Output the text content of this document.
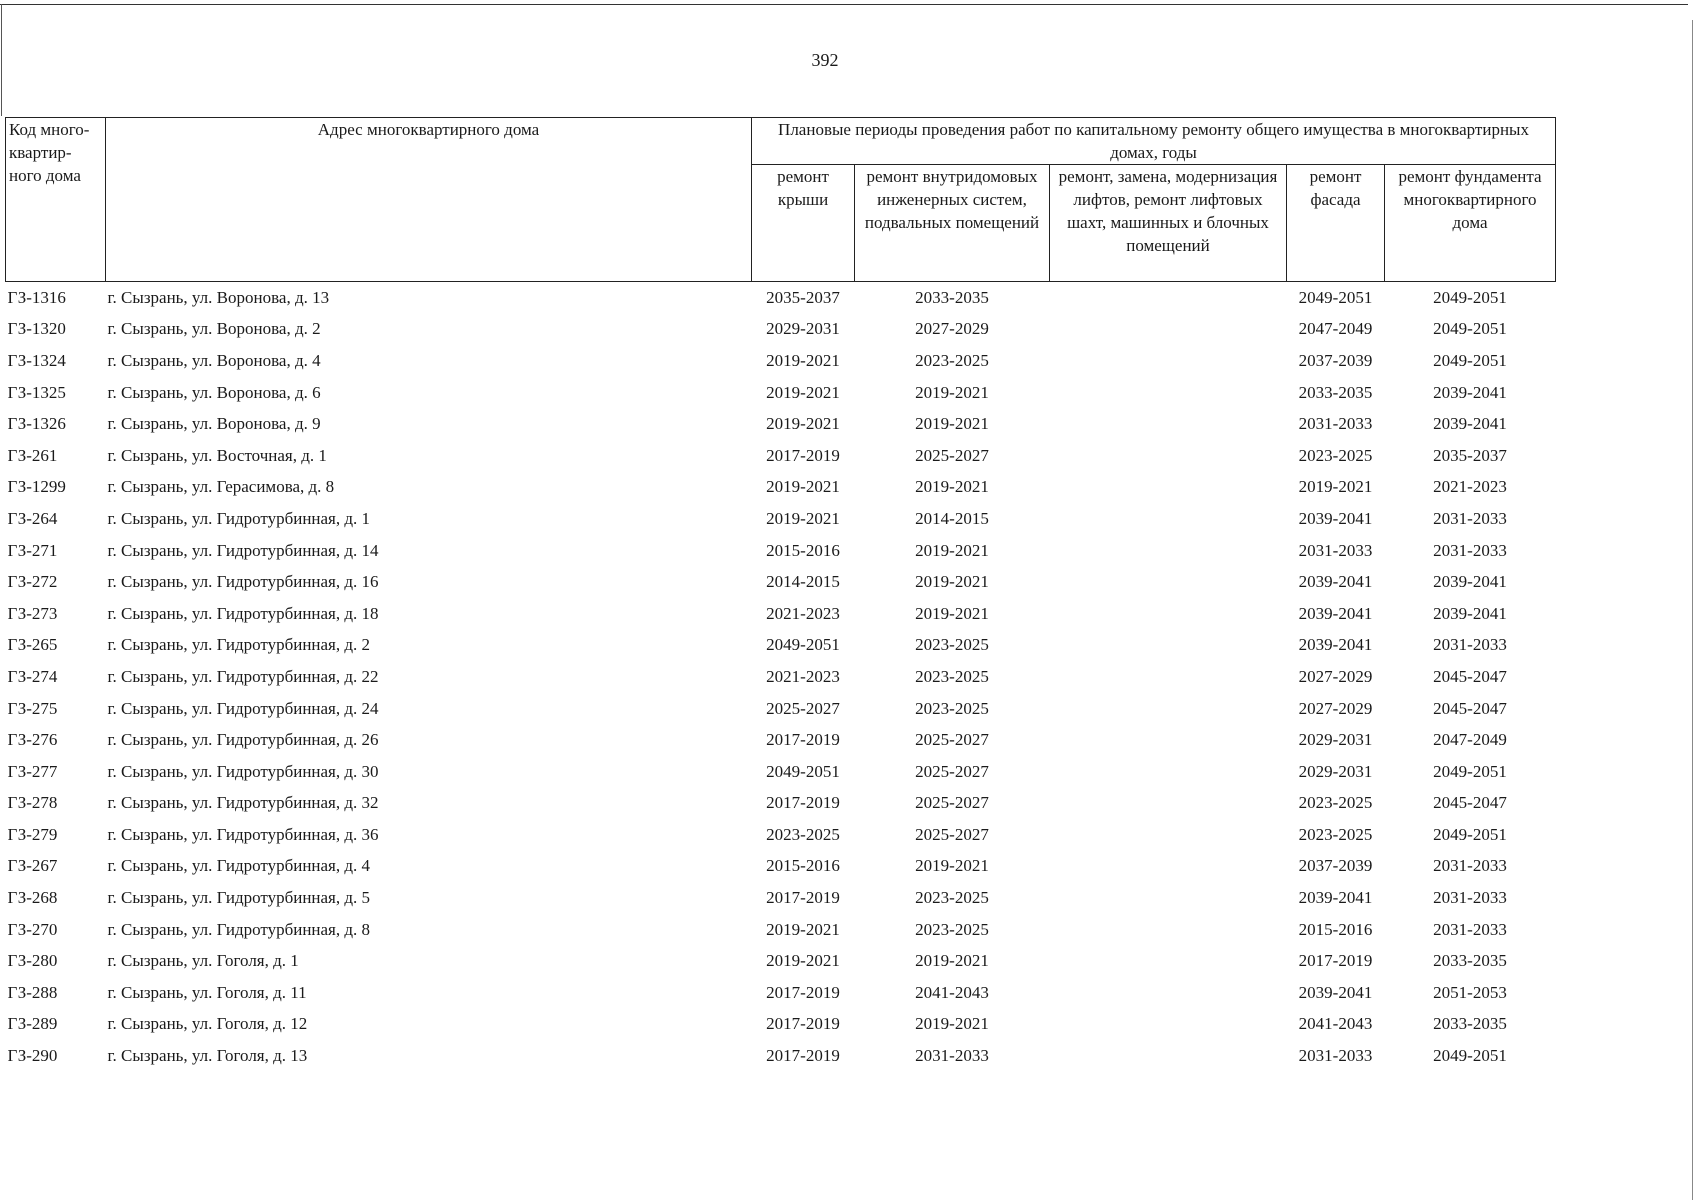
392
Код много-квартир-ного дома	Адрес многоквартирного дома	Плановые периоды проведения работ по капитальному ремонту общего имущества в многоквартирных домах, годы				
		ремонт крыши	ремонт внутридомовых инженерных систем, подвальных помещений	ремонт, замена, модернизация лифтов, ремонт лифтовых шахт, машинных и блочных помещений	ремонт фасада	ремонт фундамента многоквартирного дома
ГЗ-1316	г. Сызрань, ул. Воронова, д. 13	2035-2037	2033-2035		2049-2051	2049-2051
ГЗ-1320	г. Сызрань, ул. Воронова, д. 2	2029-2031	2027-2029		2047-2049	2049-2051
ГЗ-1324	г. Сызрань, ул. Воронова, д. 4	2019-2021	2023-2025		2037-2039	2049-2051
ГЗ-1325	г. Сызрань, ул. Воронова, д. 6	2019-2021	2019-2021		2033-2035	2039-2041
ГЗ-1326	г. Сызрань, ул. Воронова, д. 9	2019-2021	2019-2021		2031-2033	2039-2041
ГЗ-261	г. Сызрань, ул. Восточная, д. 1	2017-2019	2025-2027		2023-2025	2035-2037
ГЗ-1299	г. Сызрань, ул. Герасимова, д. 8	2019-2021	2019-2021		2019-2021	2021-2023
ГЗ-264	г. Сызрань, ул. Гидротурбинная, д. 1	2019-2021	2014-2015		2039-2041	2031-2033
ГЗ-271	г. Сызрань, ул. Гидротурбинная, д. 14	2015-2016	2019-2021		2031-2033	2031-2033
ГЗ-272	г. Сызрань, ул. Гидротурбинная, д. 16	2014-2015	2019-2021		2039-2041	2039-2041
ГЗ-273	г. Сызрань, ул. Гидротурбинная, д. 18	2021-2023	2019-2021		2039-2041	2039-2041
ГЗ-265	г. Сызрань, ул. Гидротурбинная, д. 2	2049-2051	2023-2025		2039-2041	2031-2033
ГЗ-274	г. Сызрань, ул. Гидротурбинная, д. 22	2021-2023	2023-2025		2027-2029	2045-2047
ГЗ-275	г. Сызрань, ул. Гидротурбинная, д. 24	2025-2027	2023-2025		2027-2029	2045-2047
ГЗ-276	г. Сызрань, ул. Гидротурбинная, д. 26	2017-2019	2025-2027		2029-2031	2047-2049
ГЗ-277	г. Сызрань, ул. Гидротурбинная, д. 30	2049-2051	2025-2027		2029-2031	2049-2051
ГЗ-278	г. Сызрань, ул. Гидротурбинная, д. 32	2017-2019	2025-2027		2023-2025	2045-2047
ГЗ-279	г. Сызрань, ул. Гидротурбинная, д. 36	2023-2025	2025-2027		2023-2025	2049-2051
ГЗ-267	г. Сызрань, ул. Гидротурбинная, д. 4	2015-2016	2019-2021		2037-2039	2031-2033
ГЗ-268	г. Сызрань, ул. Гидротурбинная, д. 5	2017-2019	2023-2025		2039-2041	2031-2033
ГЗ-270	г. Сызрань, ул. Гидротурбинная, д. 8	2019-2021	2023-2025		2015-2016	2031-2033
ГЗ-280	г. Сызрань, ул. Гоголя, д. 1	2019-2021	2019-2021		2017-2019	2033-2035
ГЗ-288	г. Сызрань, ул. Гоголя, д. 11	2017-2019	2041-2043		2039-2041	2051-2053
ГЗ-289	г. Сызрань, ул. Гоголя, д. 12	2017-2019	2019-2021		2041-2043	2033-2035
ГЗ-290	г. Сызрань, ул. Гоголя, д. 13	2017-2019	2031-2033		2031-2033	2049-2051
